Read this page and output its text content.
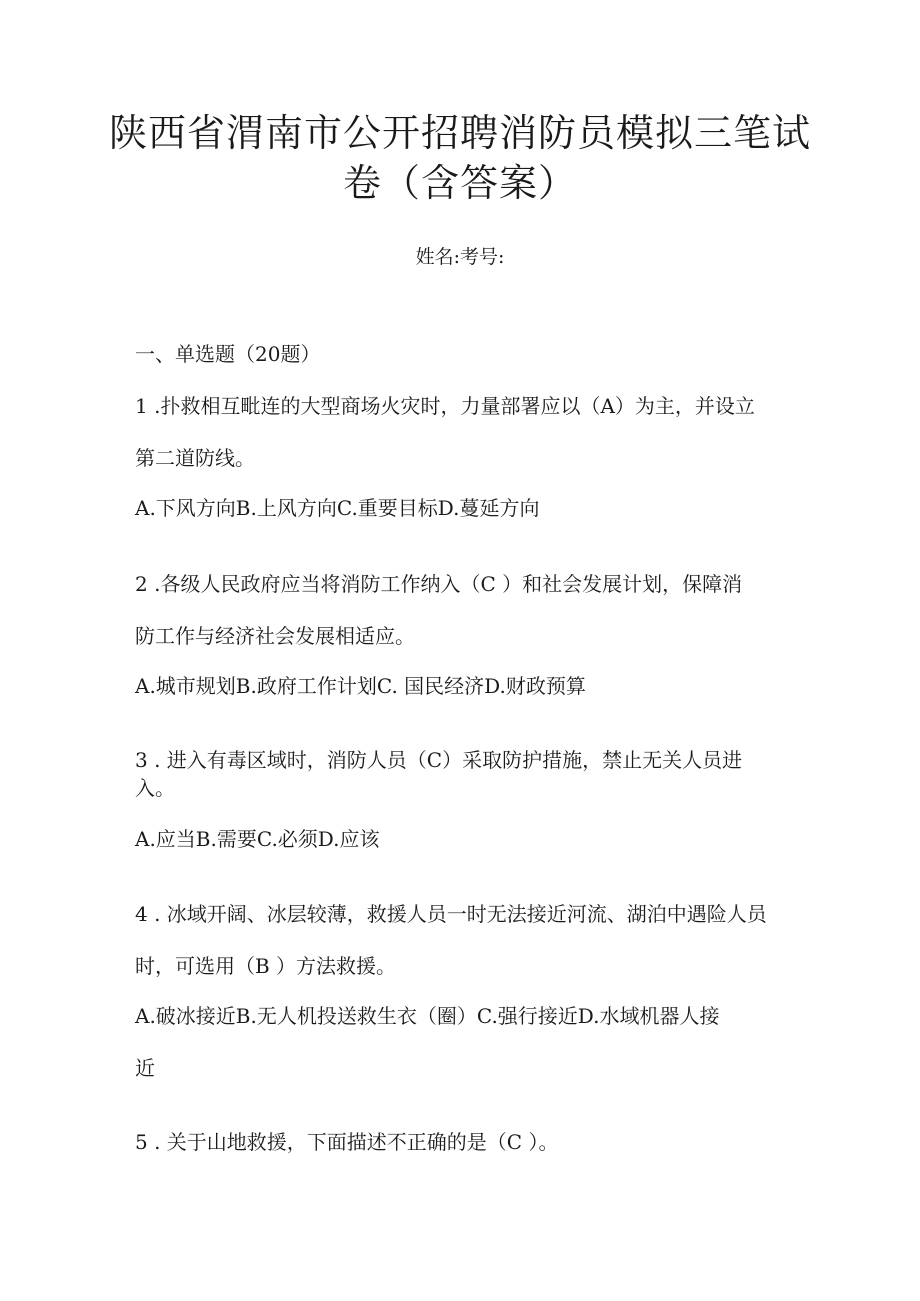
陕西省渭南市公开招聘消防员模拟三笔试
卷（含答案）
姓名:考号:
一、单选题（20题）
1 .扑救相互毗连的大型商场火灾时，力量部署应以（A）为主，并设立
第二道防线。
A.下风方向B.上风方向C.重要目标D.蔓延方向
2 .各级人民政府应当将消防工作纳入（C ）和社会发展计划，保障消
防工作与经济社会发展相适应。
A.城市规划B.政府工作计划C. 国民经济D.财政预算
3 . 进入有毒区域时，消防人员（C）采取防护措施，禁止无关人员进
入。
A.应当B.需要C.必须D.应该
4 . 冰域开阔、冰层较薄，救援人员一时无法接近河流、湖泊中遇险人员
时，可选用（B ）方法救援。
A.破冰接近B.无人机投送救生衣（圈）C.强行接近D.水域机器人接
近
5 . 关于山地救援，下面描述不正确的是（C ）。
